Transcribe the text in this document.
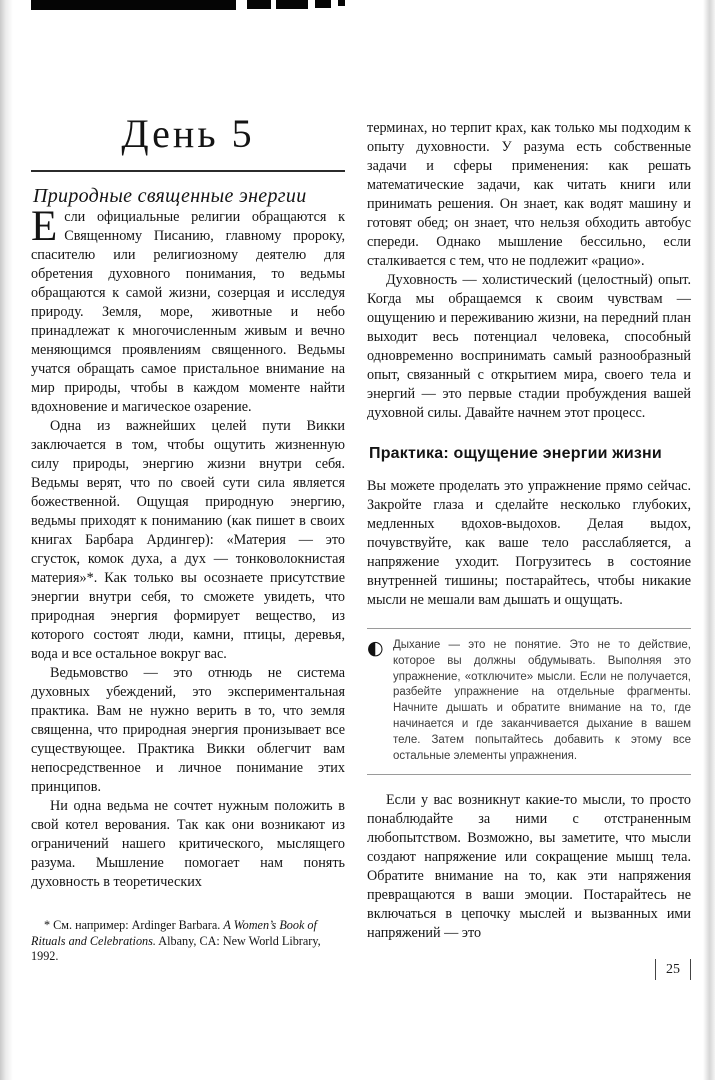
День 5
Природные священные энергии

Если официальные религии обращаются к Священному Писанию, главному пророку, спасителю или религиозному деятелю для обретения духовного понимания, то ведьмы обращаются к самой жизни, созерцая и исследуя природу. Земля, море, животные и небо принадлежат к многочисленным живым и вечно меняющимся проявлениям священного. Ведьмы учатся обращать самое пристальное внимание на мир природы, чтобы в каждом моменте найти вдохновение и магическое озарение.

Одна из важнейших целей пути Викки заключается в том, чтобы ощутить жизненную силу природы, энергию жизни внутри себя. Ведьмы верят, что по своей сути сила является божественной. Ощущая природную энергию, ведьмы приходят к пониманию (как пишет в своих книгах Барбара Ардингер): «Материя — это сгусток, комок духа, а дух — тонковолокнистая материя»*. Как только вы осознаете присутствие энергии внутри себя, то сможете увидеть, что природная энергия формирует вещество, из которого состоят люди, камни, птицы, деревья, вода и все остальное вокруг вас.

Ведьмовство — это отнюдь не система духовных убеждений, это экспериментальная практика. Вам не нужно верить в то, что земля священна, что природная энергия пронизывает все существующее. Практика Викки облегчит вам непосредственное и личное понимание этих принципов.

Ни одна ведьма не сочтет нужным положить в свой котел верования. Так как они возникают из ограничений нашего критического, мыслящего разума. Мышление помогает нам понять духовность в теоретических

* См. например: Ardinger Barbara. A Women’s Book of Rituals and Celebrations. Albany, CA: New World Library, 1992.

терминах, но терпит крах, как только мы подходим к опыту духовности. У разума есть собственные задачи и сферы применения: как решать математические задачи, как читать книги или принимать решения. Он знает, как водят машину и готовят обед; он знает, что нельзя обходить автобус спереди. Однако мышление бессильно, если сталкивается с тем, что не подлежит «рацио».

Духовность — холистический (целостный) опыт. Когда мы обращаемся к своим чувствам — ощущению и переживанию жизни, на передний план выходит весь потенциал человека, способный одновременно воспринимать самый разнообразный опыт, связанный с открытием мира, своего тела и энергий — это первые стадии пробуждения вашей духовной силы. Давайте начнем этот процесс.

Практика: ощущение энергии жизни

Вы можете проделать это упражнение прямо сейчас. Закройте глаза и сделайте несколько глубоких, медленных вдохов-выдохов. Делая выдох, почувствуйте, как ваше тело расслабляется, а напряжение уходит. Погрузитесь в состояние внутренней тишины; постарайтесь, чтобы никакие мысли не мешали вам дышать и ощущать.

◐ Дыхание — это не понятие. Это не то действие, которое вы должны обдумывать. Выполняя это упражнение, «отключите» мысли. Если не получается, разбейте упражнение на отдельные фрагменты. Начните дышать и обратите внимание на то, где начинается и где заканчивается дыхание в вашем теле. Затем попытайтесь добавить к этому все остальные элементы упражнения.

Если у вас возникнут какие-то мысли, то просто понаблюдайте за ними с отстраненным любопытством. Возможно, вы заметите, что мысли создают напряжение или сокращение мышц тела. Обратите внимание на то, как эти напряжения превращаются в ваши эмоции. Постарайтесь не включаться в цепочку мыслей и вызванных ими напряжений — это

25
